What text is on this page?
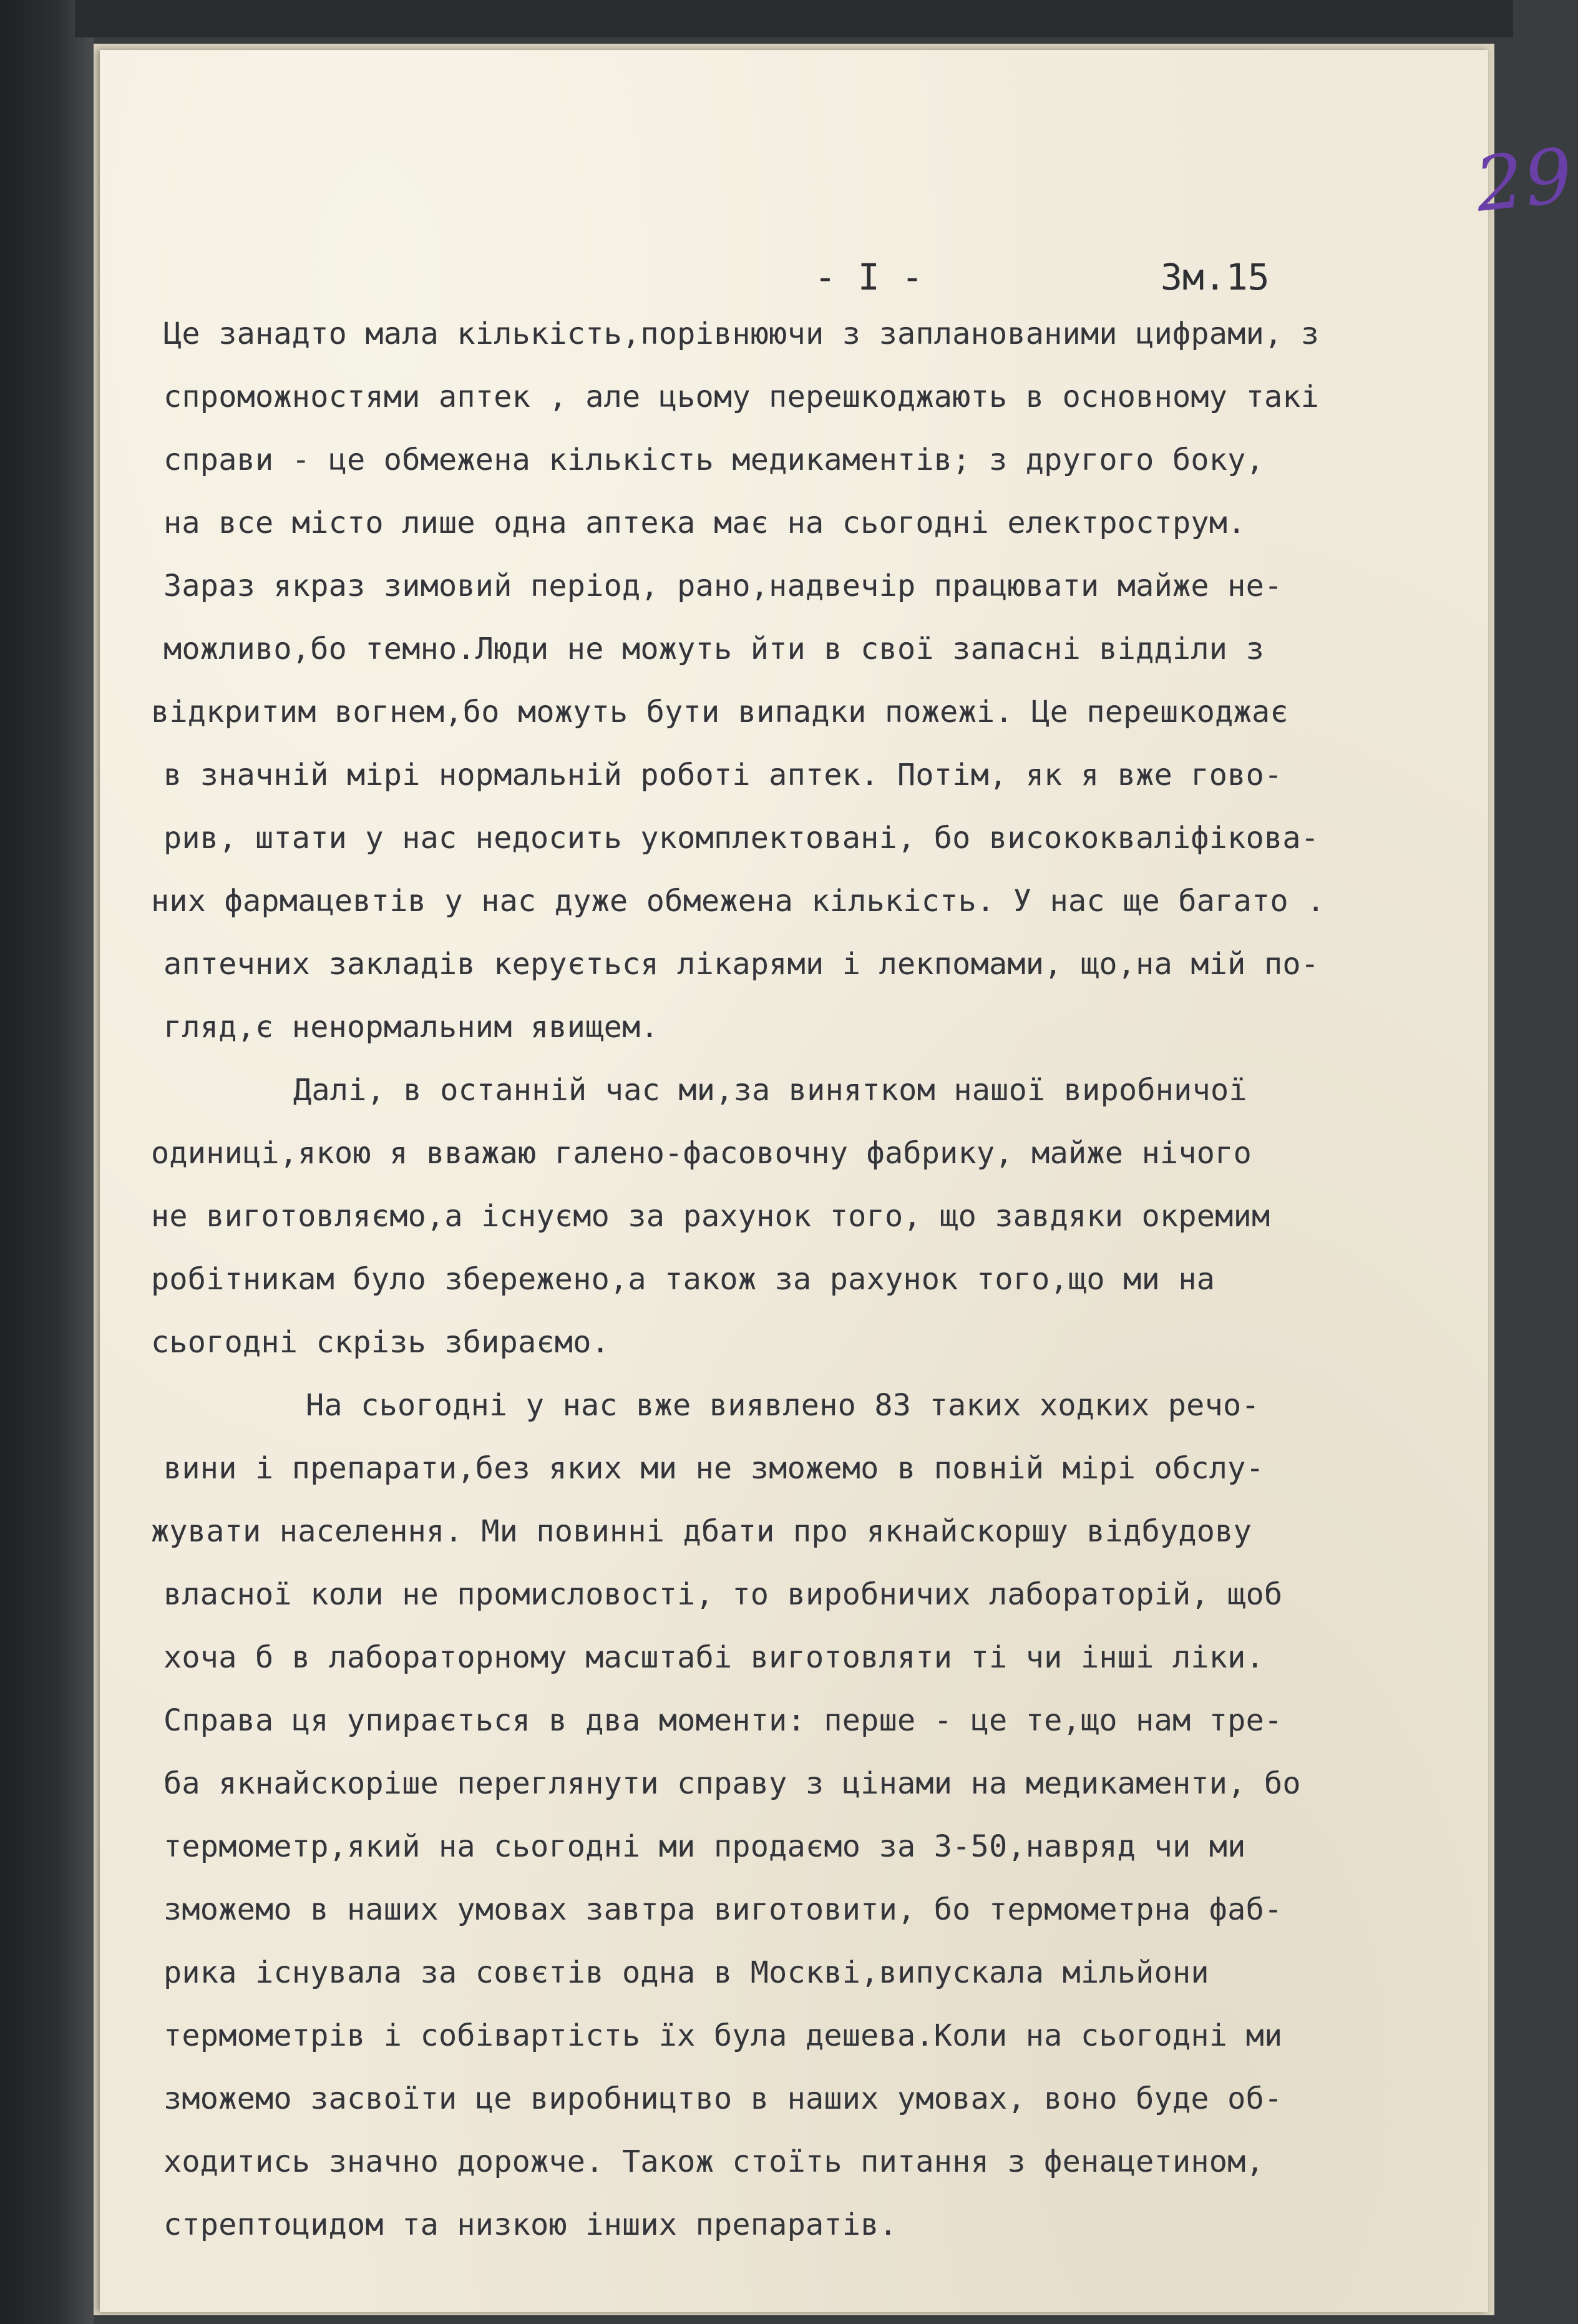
29
- I -	Зм.15
Це занадто мала кількість,порівнюючи з запланованими цифрами, з
спроможностями аптек , але цьому перешкоджають в основному такі
справи - це обмежена кількість медикаментів; з другого боку,
на все місто лише одна аптека має на сьогодні електрострум.
Зараз якраз зимовий період, рано,надвечір працювати майже не-
можливо,бо темно.Люди не можуть йти в свої запасні відділи з
відкритим вогнем,бо можуть бути випадки пожежі. Це перешкоджає
в значній мірі нормальній роботі аптек. Потім, як я вже гово-
рив, штати у нас недосить укомплектовані, бо висококваліфікова-
них фармацевтів у нас дуже обмежена кількість. У нас ще багато .
аптечних закладів керується лікарями і лекпомами, що,на мій по-
гляд,є ненормальним явищем.
Далі, в останній час ми,за винятком нашої виробничої
одиниці,якою я вважаю галено-фасовочну фабрику, майже нічого
не виготовляємо,а існуємо за рахунок того, що завдяки окремим
робітникам було збережено,а також за рахунок того,що ми на
сьогодні скрізь збираємо.
На сьогодні у нас вже виявлено 83 таких ходких речо-
вини і препарати,без яких ми не зможемо в повній мірі обслу-
жувати населення. Ми повинні дбати про якнайскоршу відбудову
власної коли не промисловості, то виробничих лабораторій, щоб
хоча б в лабораторному масштабі виготовляти ті чи інші ліки.
Справа ця упирається в два моменти: перше - це те,що нам тре-
ба якнайскоріше переглянути справу з цінами на медикаменти, бо
термометр,який на сьогодні ми продаємо за 3-50,навряд чи ми
зможемо в наших умовах завтра виготовити, бо термометрна фаб-
рика існувала за совєтів одна в Москві,випускала мільйони
термометрів і собівартість їх була дешева.Коли на сьогодні ми
зможемо засвоїти це виробництво в наших умовах, воно буде об-
ходитись значно дорожче. Також стоїть питання з фенацетином,
стрептоцидом та низкою інших препаратів.
